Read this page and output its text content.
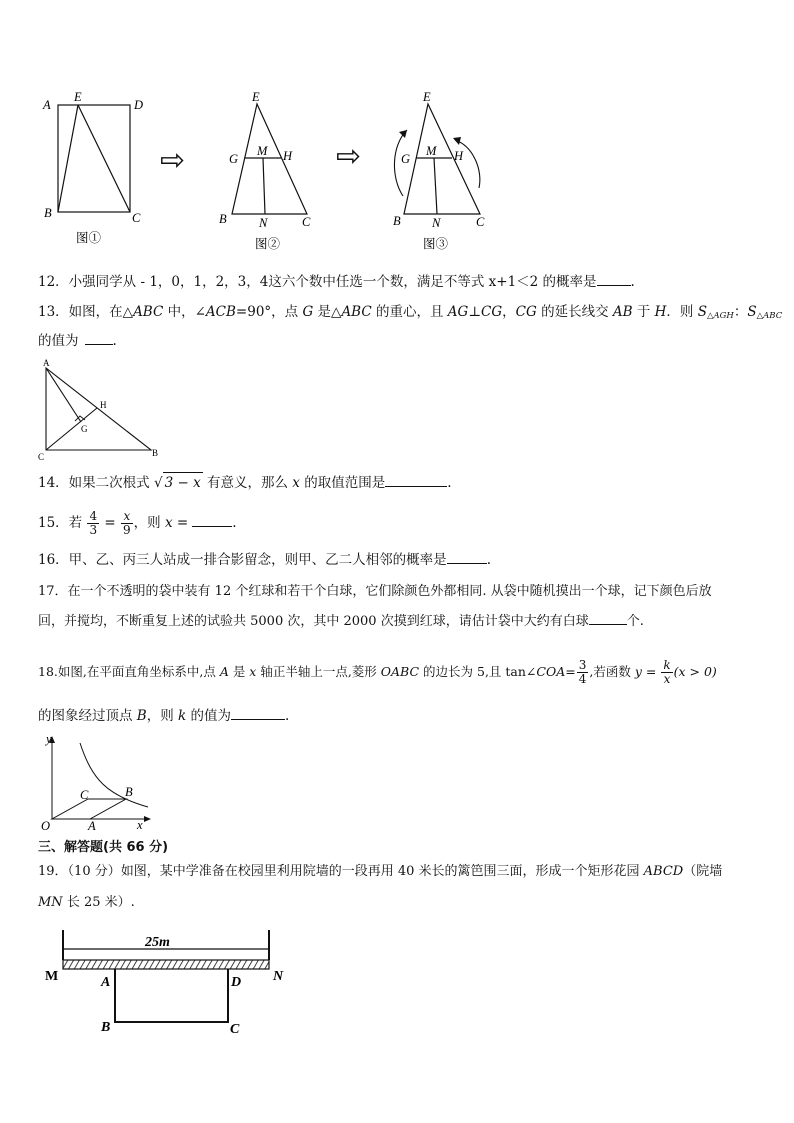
A
E
D
B	C
图①
⇨
E
G
M H
B	N	C
图②
⇨
E
G
M H
B	N	C
图③
12．小强同学从 - 1，0，1，2，3，4这六个数中任选一个数，满足不等式 x+1＜2 的概率是	.
13．如图，在△ABC 中，∠ACB=90°，点 G 是△ABC 的重心，且 AG⊥CG，CG 的延长线交 AB 于 H．则 $S_{\triangle AGH}$：$S_{\triangle ABC}$
的值为	.
A
H
G
C	B
14．如果二次根式 √ 3 − x 有意义，那么 x 的取值范围是	.
15．若 $\frac{4}{3} = \frac{x}{9}$ ，则 x =	.
16．甲、乙、丙三人站成一排合影留念，则甲、乙二人相邻的概率是	.
17．在一个不透明的袋中装有 12 个红球和若干个白球，它们除颜色外都相同. 从袋中随机摸出一个球，记下颜色后放
回，并搅均，不断重复上述的试验共 5000 次，其中 2000 次摸到红球，请估计袋中大约有白球	个.
18.如图,在平面直角坐标系中,点 A 是 x 轴正半轴上一点,菱形 OABC 的边长为 5,且 tan∠COA= $\frac{3}{4}$ ,若函数 $y = \frac{k}{x} (x > 0)$
的图象经过顶点 B，则 k 的值为	.
y
C	B
O	A	x
三、解答题(共 66 分)
19．（10 分）如图，某中学准备在校园里利用院墙的一段再用 40 米长的篱笆围三面，形成一个矩形花园 ABCD（院墙
MN 长 25 米）.
25m
M	N
A	D
B	C
